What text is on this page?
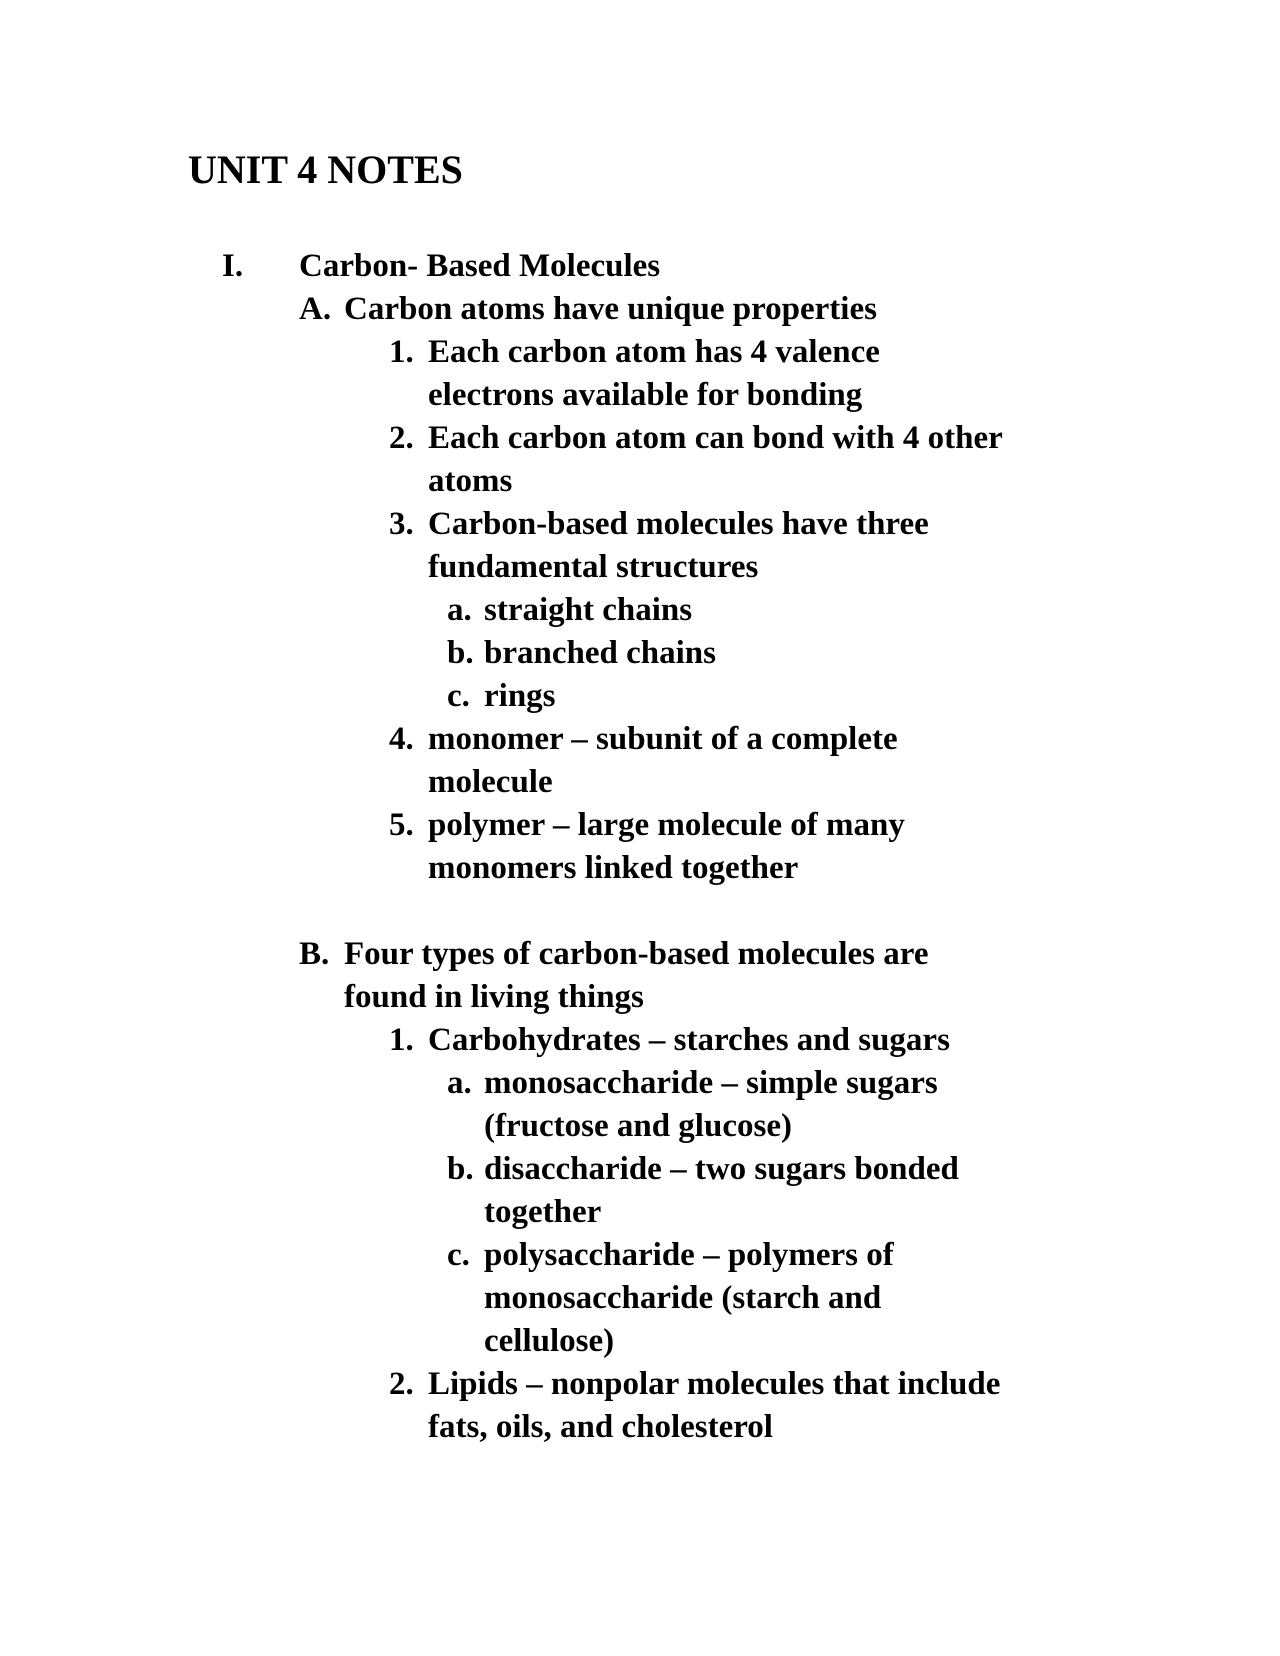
UNIT 4 NOTES
I. Carbon- Based Molecules
A. Carbon atoms have unique properties
1. Each carbon atom has 4 valence
electrons available for bonding
2. Each carbon atom can bond with 4 other
atoms
3. Carbon-based molecules have three
fundamental structures
a. straight chains
b. branched chains
c. rings
4. monomer – subunit of a complete
molecule
5. polymer – large molecule of many
monomers linked together
B. Four types of carbon-based molecules are
found in living things
1. Carbohydrates – starches and sugars
a. monosaccharide – simple sugars
(fructose and glucose)
b. disaccharide – two sugars bonded
together
c. polysaccharide – polymers of
monosaccharide (starch and
cellulose)
2. Lipids – nonpolar molecules that include
fats, oils, and cholesterol
